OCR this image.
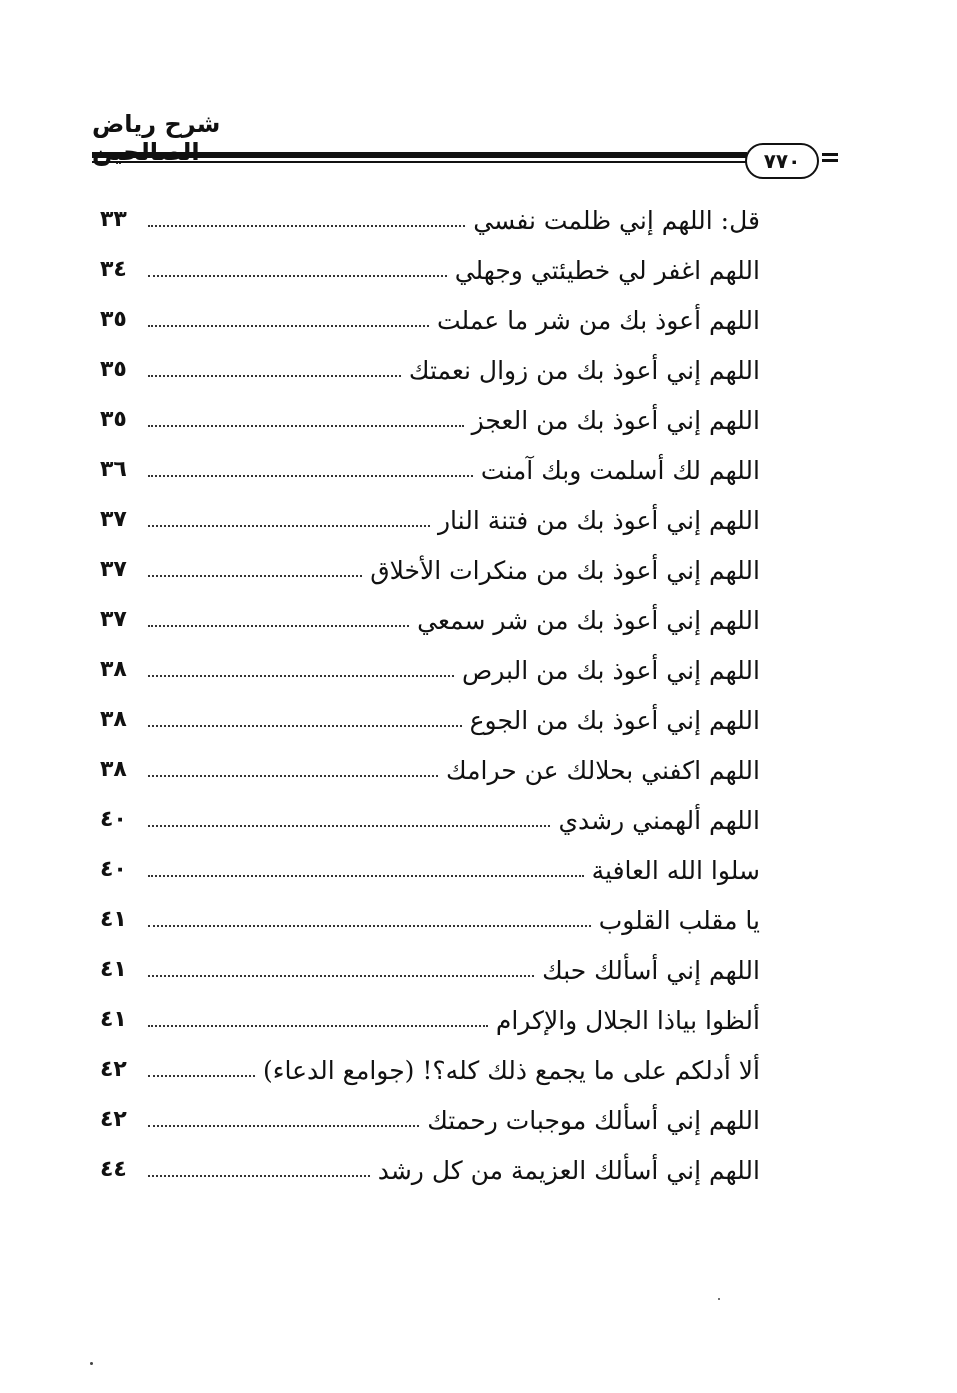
شرح رياض
٧٧٠
قل: اللهم إني ظلمت نفسي
٣٣
اللهم اغفر لي خطيئتي وجهلي
٣٤
اللهم أعوذ بك من شر ما عملت
٣٥
اللهم إني أعوذ بك من زوال نعمتك
٣٥
اللهم إني أعوذ بك من العجز
٣٥
اللهم لك أسلمت وبك آمنت
٣٦
اللهم إني أعوذ بك من فتنة النار
٣٧
اللهم إني أعوذ بك من منكرات الأخلاق
٣٧
اللهم إني أعوذ بك من شر سمعي
٣٧
اللهم إني أعوذ بك من البرص
٣٨
اللهم إني أعوذ بك من الجوع
٣٨
اللهم اكفني بحلالك عن حرامك
٣٨
اللهم ألهمني رشدي
٤٠
سلوا الله العافية
٤٠
يا مقلب القلوب
٤١
اللهم إني أسألك حبك
٤١
ألظوا بياذا الجلال والإكرام
٤١
ألا أدلكم على ما يجمع ذلك كله؟! (جوامع الدعاء)
٤٢
اللهم إني أسألك موجبات رحمتك
٤٢
اللهم إني أسألك العزيمة من كل رشد
٤٤
